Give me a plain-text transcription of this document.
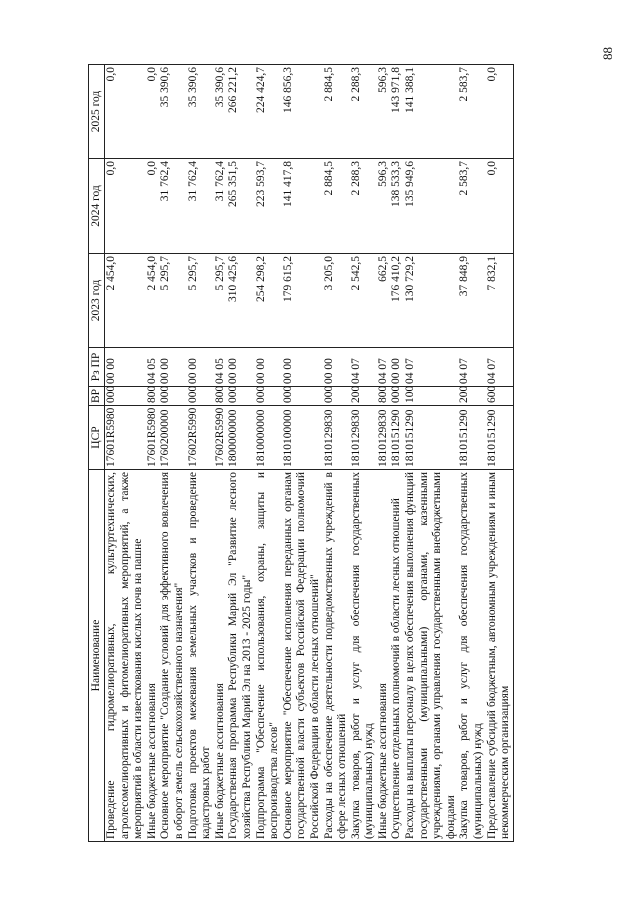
88
Наименование	ЦСР	ВР	Рз ПР	2023 год	2024 год	2025 год
Проведение гидромелиоративных, культуртехнических, агролесомелиоративных и фитомелиоративных мероприятий, а также мероприятий в области известкования кислых почв на пашне	17601R5980	000	00 00	2 454,0	0,0	0,0
Иные бюджетные ассигнования	17601R5980	800	04 05	2 454,0	0,0	0,0
Основное мероприятие "Создание условий для эффективного вовлечения в оборот земель сельскохозяйственного назначения"	1760200000	000	00 00	5 295,7	31 762,4	35 390,6
Подготовка проектов межевания земельных участков и проведение кадастровых работ	17602R5990	000	00 00	5 295,7	31 762,4	35 390,6
Иные бюджетные ассигнования	17602R5990	800	04 05	5 295,7	31 762,4	35 390,6
Государственная программа Республики Марий Эл "Развитие лесного хозяйства Республики Марий Эл на 2013 - 2025 годы"	1800000000	000	00 00	310 425,6	265 351,5	266 221,2
Подпрограмма "Обеспечение использования, охраны, защиты и воспроизводства лесов"	1810000000	000	00 00	254 298,2	223 593,7	224 424,7
Основное мероприятие "Обеспечение исполнения переданных органам государственной власти субъектов Российской Федерации полномочий Российской Федерации в области лесных отношений"	1810100000	000	00 00	179 615,2	141 417,8	146 856,3
Расходы на обеспечение деятельности подведомственных учреждений в сфере лесных отношений	1810129830	000	00 00	3 205,0	2 884,5	2 884,5
Закупка товаров, работ и услуг для обеспечения государственных (муниципальных) нужд	1810129830	200	04 07	2 542,5	2 288,3	2 288,3
Иные бюджетные ассигнования	1810129830	800	04 07	662,5	596,3	596,3
Осуществление отдельных полномочий в области лесных отношений	1810151290	000	00 00	176 410,2	138 533,3	143 971,8
Расходы на выплаты персоналу в целях обеспечения выполнения функций государственными (муниципальными) органами, казенными учреждениями, органами управления государственными внебюджетными фондами	1810151290	100	04 07	130 729,2	135 949,6	141 388,1
Закупка товаров, работ и услуг для обеспечения государственных (муниципальных) нужд	1810151290	200	04 07	37 848,9	2 583,7	2 583,7
Предоставление субсидий бюджетным, автономным учреждениям и иным некоммерческим организациям	1810151290	600	04 07	7 832,1	0,0	0,0
